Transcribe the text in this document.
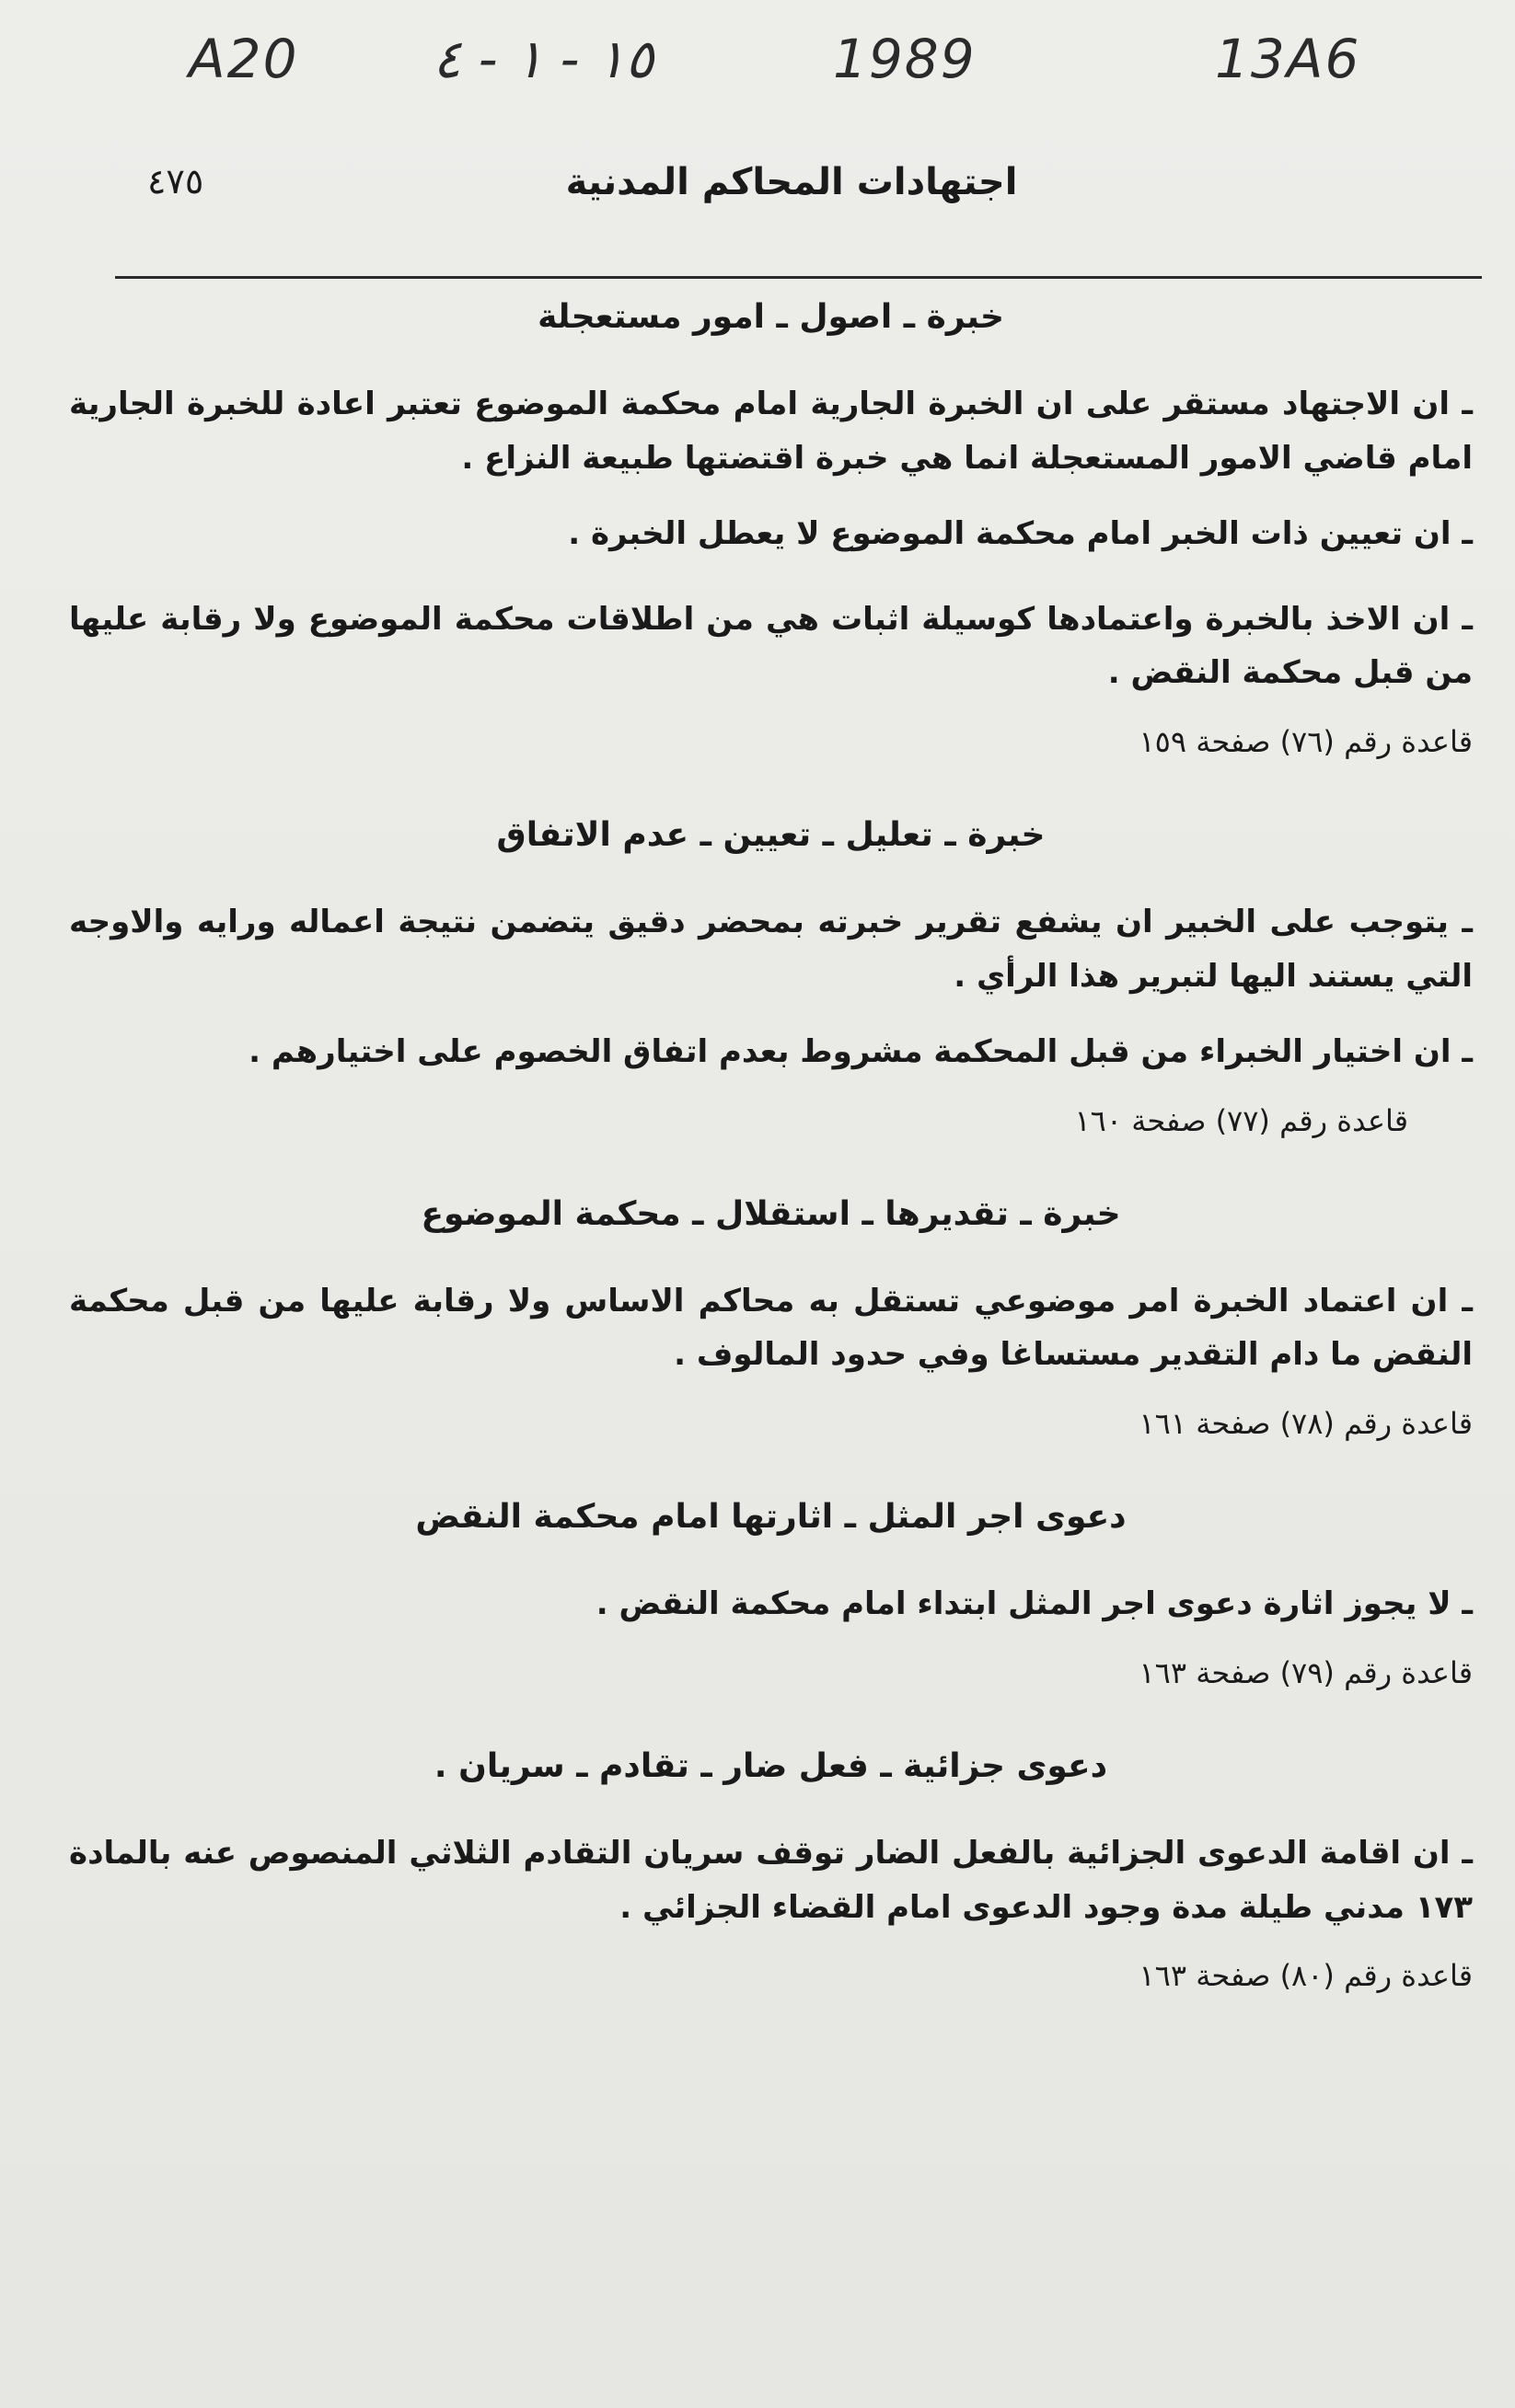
A20	١٥ - ١ - ٤	1989	13A6
٤٧٥	اجتهادات المحاكم المدنية
خبرة ـ اصول ـ امور مستعجلة

ـ ان الاجتهاد مستقر على ان الخبرة الجارية امام محكمة الموضوع تعتبر اعادة للخبرة الجارية امام قاضي الامور المستعجلة انما هي خبرة اقتضتها طبيعة النزاع .

ـ ان تعيين ذات الخبر امام محكمة الموضوع لا يعطل الخبرة .

ـ ان الاخذ بالخبرة واعتمادها كوسيلة اثبات هي من اطلاقات محكمة الموضوع ولا رقابة عليها من قبل محكمة النقض .

قاعدة رقم (٧٦) صفحة ١٥٩
خبرة ـ تعليل ـ تعيين ـ عدم الاتفاق

ـ يتوجب على الخبير ان يشفع تقرير خبرته بمحضر دقيق يتضمن نتيجة اعماله ورايه والاوجه التي يستند اليها لتبرير هذا الرأي .

ـ ان اختيار الخبراء من قبل المحكمة مشروط بعدم اتفاق الخصوم على اختيارهم .

قاعدة رقم (٧٧) صفحة ١٦٠
خبرة ـ تقديرها ـ استقلال ـ محكمة الموضوع

ـ ان اعتماد الخبرة امر موضوعي تستقل به محاكم الاساس ولا رقابة عليها من قبل محكمة النقض ما دام التقدير مستساغا وفي حدود المالوف .

قاعدة رقم (٧٨) صفحة ١٦١
دعوى اجر المثل ـ اثارتها امام محكمة النقض

ـ لا يجوز اثارة دعوى اجر المثل ابتداء امام محكمة النقض .

قاعدة رقم (٧٩) صفحة ١٦٣
دعوى جزائية ـ فعل ضار ـ تقادم ـ سريان .

ـ ان اقامة الدعوى الجزائية بالفعل الضار توقف سريان التقادم الثلاثي المنصوص عنه بالمادة ١٧٣ مدني طيلة مدة وجود الدعوى امام القضاء الجزائي .

قاعدة رقم (٨٠) صفحة ١٦٣
